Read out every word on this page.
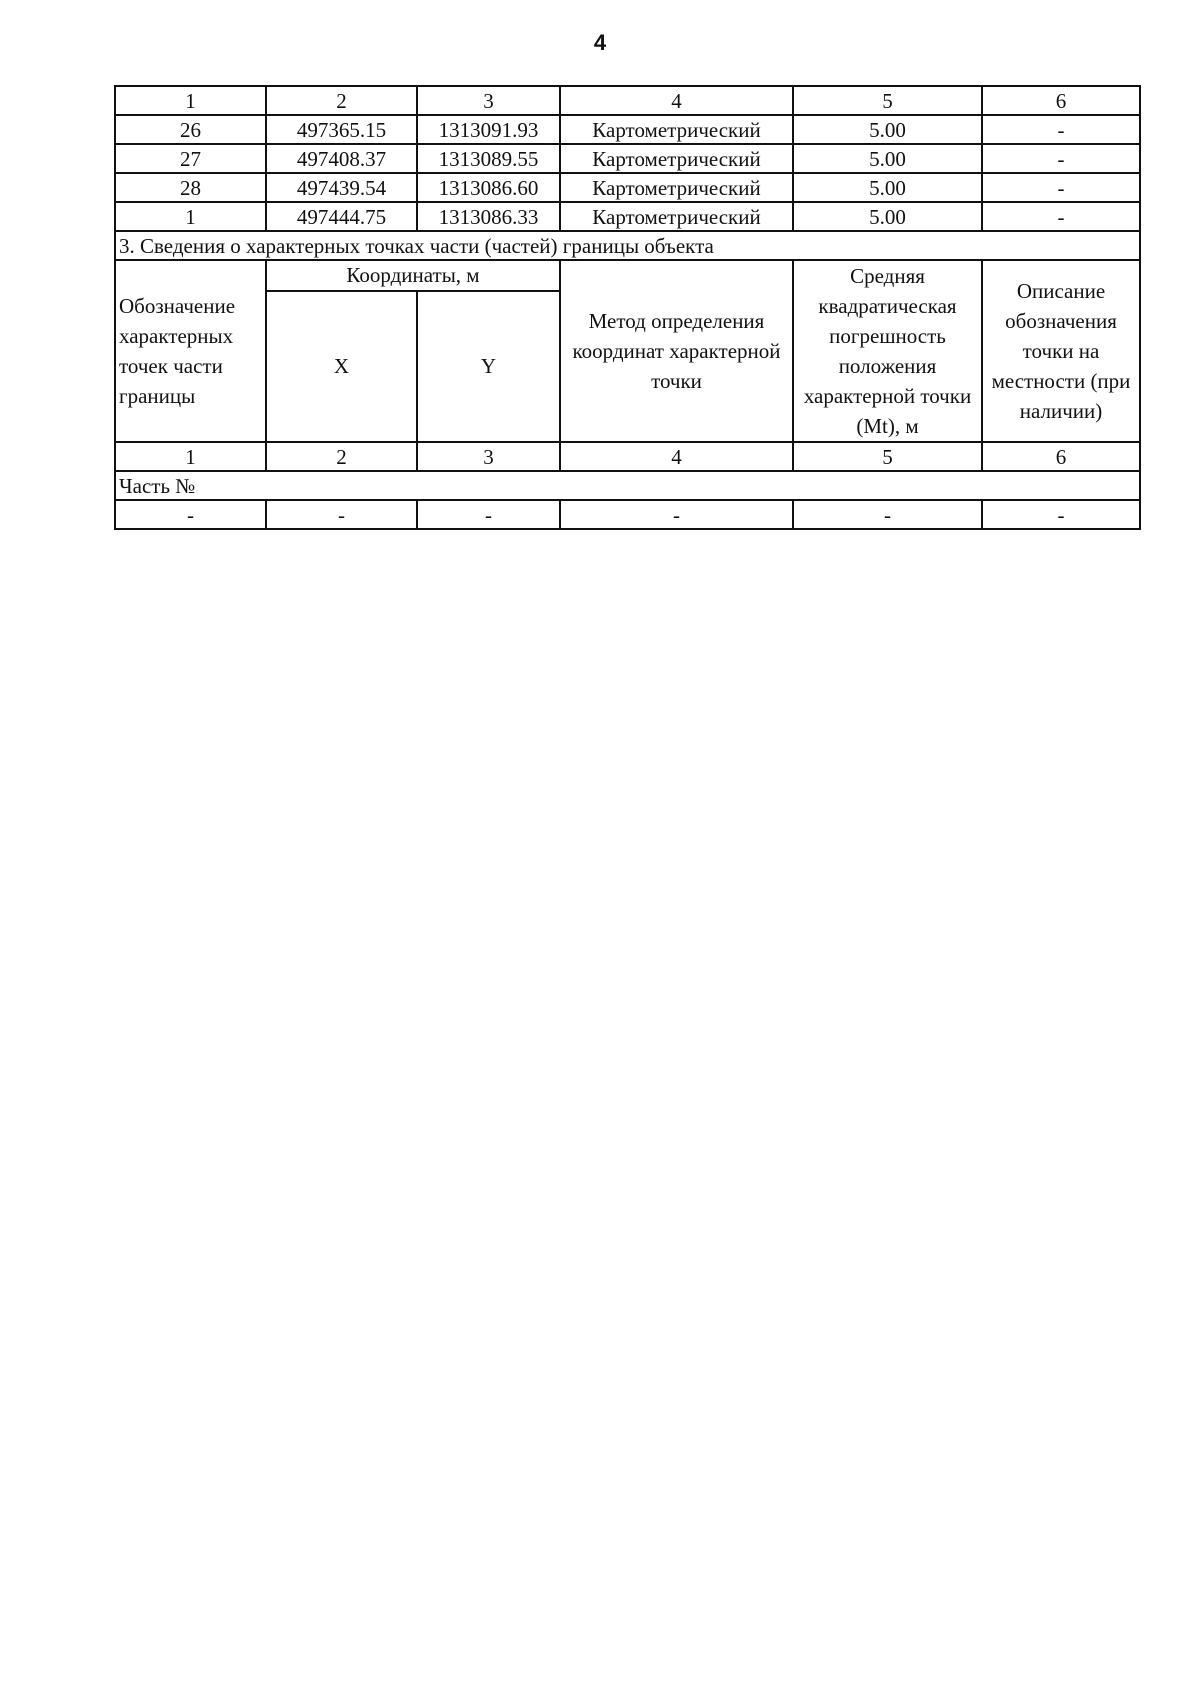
4
1	2	3	4	5	6
26	497365.15	1313091.93	Картометрический	5.00	-
27	497408.37	1313089.55	Картометрический	5.00	-
28	497439.54	1313086.60	Картометрический	5.00	-
1	497444.75	1313086.33	Картометрический	5.00	-
3. Сведения о характерных точках части (частей) границы объекта					
Обозначение характерных точек части границы	Координаты, м		Метод определения координат характерной точки	Средняя квадратическая погрешность положения характерной точки (Mt), м	Описание обозначения точки на местности (при наличии)
	X	Y			
1	2	3	4	5	6
Часть №					
-	-	-	-	-	-
